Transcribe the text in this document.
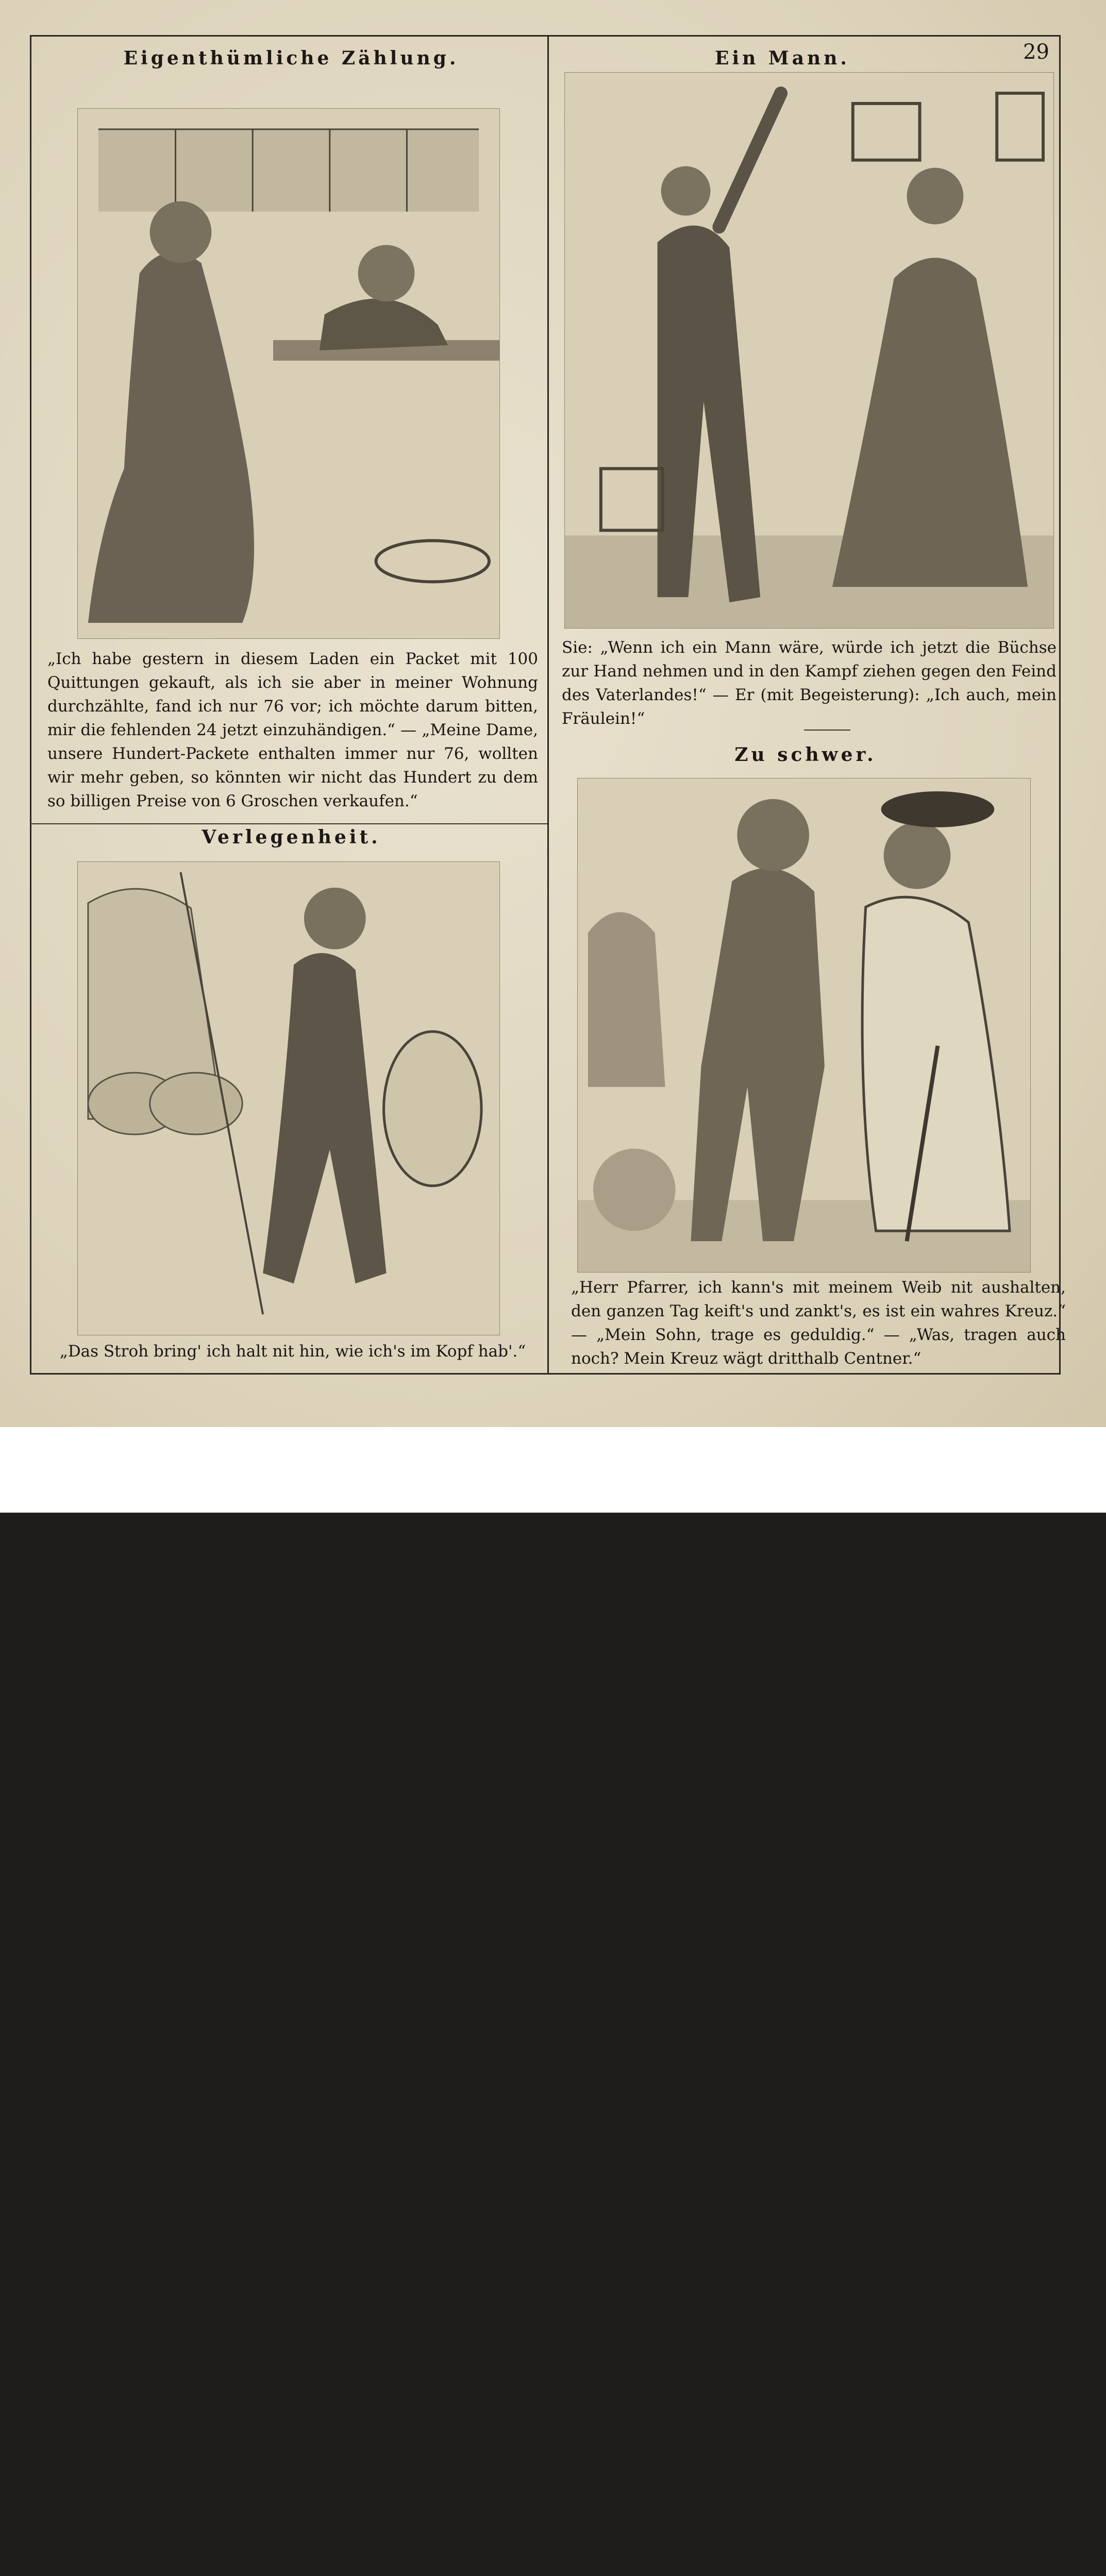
29
Eigenthümliche Zählung.
„Ich habe gestern in diesem Laden ein Packet mit 100 Quittungen gekauft, als ich sie aber in meiner Wohnung durchzählte, fand ich nur 76 vor; ich möchte darum bitten, mir die fehlenden 24 jetzt einzuhändigen.“ — „Meine Dame, unsere Hundert-Packete enthalten immer nur 76, wollten wir mehr geben, so könnten wir nicht das Hundert zu dem so billigen Preise von 6 Groschen verkaufen.“
Ein Mann.
Sie: „Wenn ich ein Mann wäre, würde ich jetzt die Büchse zur Hand nehmen und in den Kampf ziehen gegen den Feind des Vaterlandes!“ — Er (mit Begeisterung): „Ich auch, mein Fräulein!“
Verlegenheit.
„Das Stroh bring' ich halt nit hin, wie ich's im Kopf hab'.“
Zu schwer.
„Herr Pfarrer, ich kann's mit meinem Weib nit aushalten, den ganzen Tag keift's und zankt's, es ist ein wahres Kreuz.“ — „Mein Sohn, trage es geduldig.“ — „Was, tragen auch noch? Mein Kreuz wägt dritthalb Centner.“
